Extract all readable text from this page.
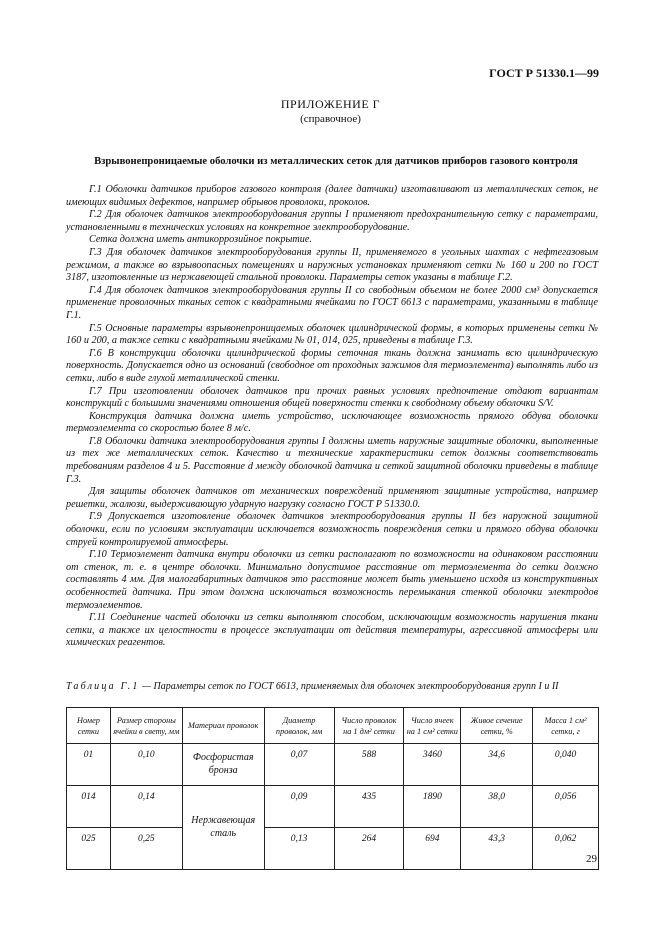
ГОСТ Р 51330.1—99
ПРИЛОЖЕНИЕ Г
(справочное)
Взрывонепроницаемые оболочки из металлических сеток для датчиков приборов газового контроля

Г.1 Оболочки датчиков приборов газового контроля (далее датчики) изготавливают из металлических сеток, не имеющих видимых дефектов, например обрывов проволоки, проколов.

Г.2 Для оболочек датчиков электрооборудования группы I применяют предохранительную сетку с параметрами, установленными в технических условиях на конкретное электрооборудование.

Сетка должна иметь антикоррозийное покрытие.

Г.3 Для оболочек датчиков электрооборудования группы II, применяемого в угольных шахтах с нефтегазовым режимом, а также во взрывоопасных помещениях и наружных установках применяют сетки № 160 и 200 по ГОСТ 3187, изготовленные из нержавеющей стальной проволоки. Параметры сеток указаны в таблице Г.2.

Г.4 Для оболочек датчиков электрооборудования группы II со свободным объемом не более 2000 см³ допускается применение проволочных тканых сеток с квадратными ячейками по ГОСТ 6613 с параметрами, указанными в таблице Г.1.

Г.5 Основные параметры взрывонепроницаемых оболочек цилиндрической формы, в которых применены сетки № 160 и 200, а также сетки с квадратными ячейками № 01, 014, 025, приведены в таблице Г.3.

Г.6 В конструкции оболочки цилиндрической формы сеточная ткань должна занимать всю цилиндрическую поверхность. Допускается одно из оснований (свободное от проходных зажимов для термоэлемента) выполнять либо из сетки, либо в виде глухой металлической стенки.

Г.7 При изготовлении оболочек датчиков при прочих равных условиях предпочтение отдают вариантам конструкций с большими значениями отношения общей поверхности стенки к свободному объему оболочки S/V.

Конструкция датчика должна иметь устройство, исключающее возможность прямого обдува оболочки термоэлемента со скоростью более 8 м/с.

Г.8 Оболочки датчика электрооборудования группы I должны иметь наружные защитные оболочки, выполненные из тех же металлических сеток. Качество и технические характеристики сеток должны соответствовать требованиям разделов 4 и 5. Расстояние d между оболочкой датчика и сеткой защитной оболочки приведены в таблице Г.3.

Для защиты оболочек датчиков от механических повреждений применяют защитные устройства, например решетки, жалюзи, выдерживающую ударную нагрузку согласно ГОСТ Р 51330.0.

Г.9 Допускается изготовление оболочек датчиков электрооборудования группы II без наружной защитной оболочки, если по условиям эксплуатации исключается возможность повреждения сетки и прямого обдува оболочки струей контролируемой атмосферы.

Г.10 Термоэлемент датчика внутри оболочки из сетки располагают по возможности на одинаковом расстоянии от стенок, т. е. в центре оболочки. Минимально допустимое расстояние от термоэлемента до сетки должно составлять 4 мм. Для малогабаритных датчиков это расстояние может быть уменьшено исходя из конструктивных особенностей датчика. При этом должна исключаться возможность перемыкания стенкой оболочки электродов термоэлементов.

Г.11 Соединение частей оболочки из сетки выполняют способом, исключающим возможность нарушения ткани сетки, а также их целостности в процессе эксплуатации от действия температуры, агрессивной атмосферы или химических реагентов.

Таблица Г.1 — Параметры сеток по ГОСТ 6613, применяемых для оболочек электрооборудования групп I и II
Номер сетки	Размер стороны ячейки в свету, мм	Материал проволок	Диаметр проволок, мм	Число проволок на 1 дм² сетки	Число ячеек на 1 см² сетки	Живое сечение сетки, %	Масса 1 см² сетки, г
01	0,10	Фосфористая бронза	0,07	588	3460	34,6	0,040
014	0,14	Нержавеющая сталь	0,09	435	1890	38,0	0,056
025	0,25		0,13	264	694	43,3	0,062
29
